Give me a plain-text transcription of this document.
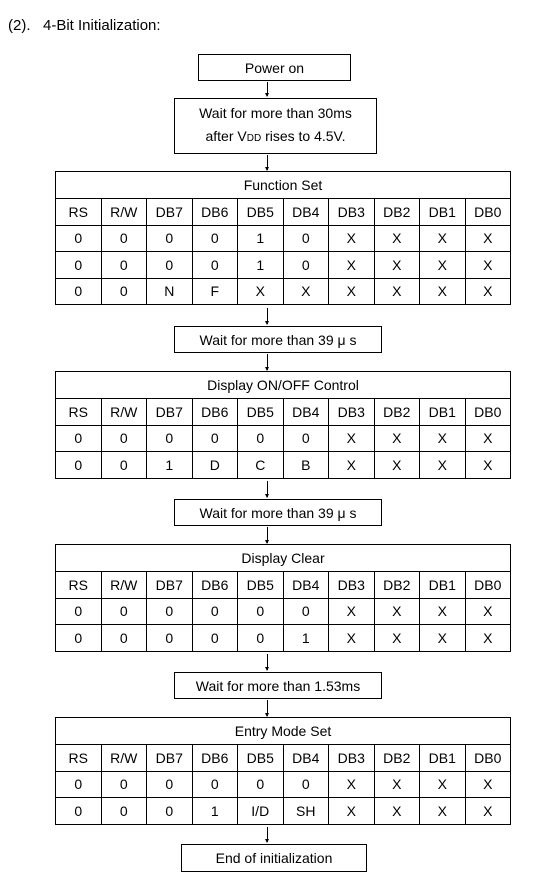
(2).   4-Bit Initialization:
Power on
Wait for more than 30ms
after VDD rises to 4.5V.
Function Set									
RS	R/W	DB7	DB6	DB5	DB4	DB3	DB2	DB1	DB0
0	0	0	0	1	0	X	X	X	X
0	0	0	0	1	0	X	X	X	X
0	0	N	F	X	X	X	X	X	X
Wait for more than 39 μ s
Display ON/OFF Control									
RS	R/W	DB7	DB6	DB5	DB4	DB3	DB2	DB1	DB0
0	0	0	0	0	0	X	X	X	X
0	0	1	D	C	B	X	X	X	X
Wait for more than 39 μ s
Display Clear									
RS	R/W	DB7	DB6	DB5	DB4	DB3	DB2	DB1	DB0
0	0	0	0	0	0	X	X	X	X
0	0	0	0	0	1	X	X	X	X
Wait for more than 1.53ms
Entry Mode Set									
RS	R/W	DB7	DB6	DB5	DB4	DB3	DB2	DB1	DB0
0	0	0	0	0	0	X	X	X	X
0	0	0	1	I/D	SH	X	X	X	X
End of initialization
